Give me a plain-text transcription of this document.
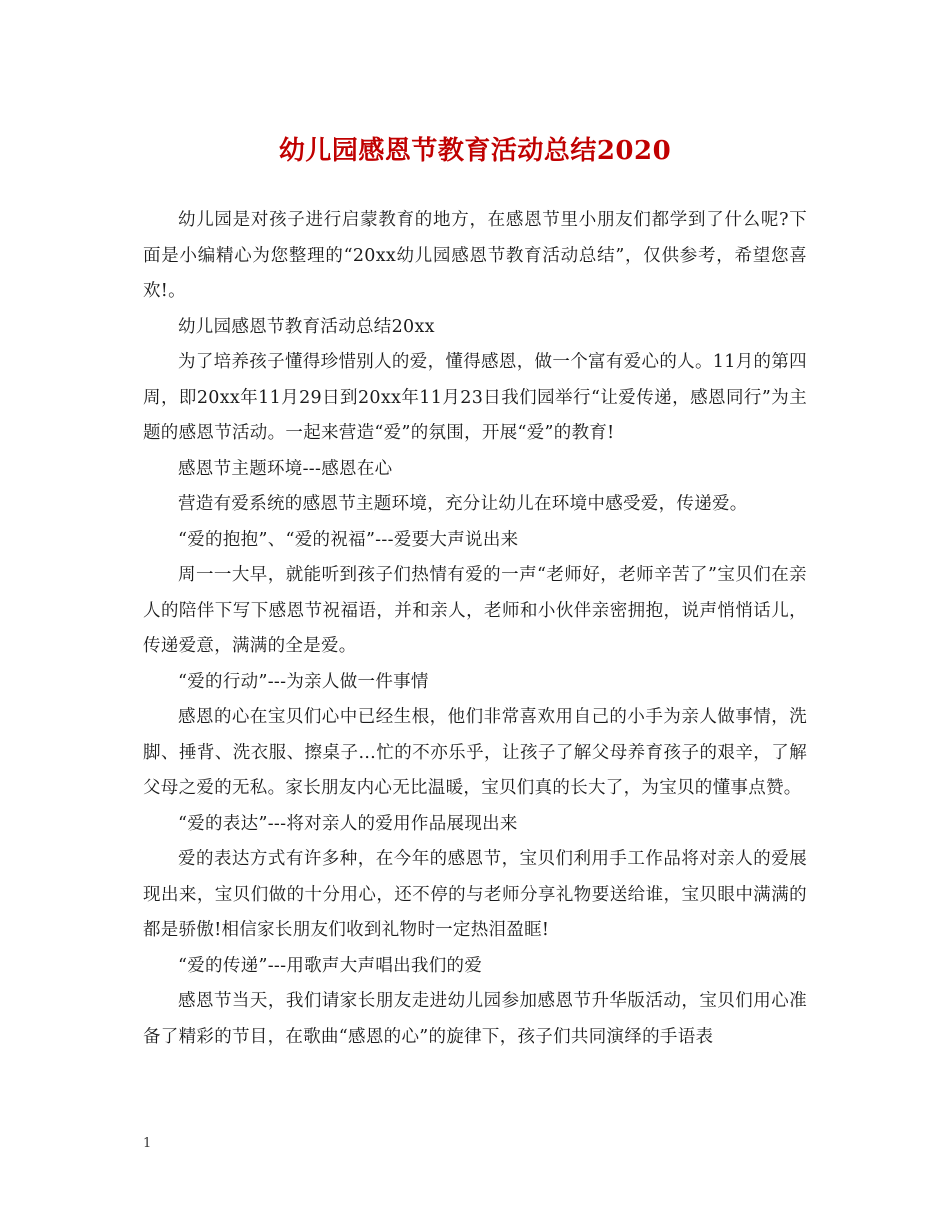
幼儿园感恩节教育活动总结2020

幼儿园是对孩子进行启蒙教育的地方，在感恩节里小朋友们都学到了什么呢?下面是小编精心为您整理的“20xx幼儿园感恩节教育活动总结”，仅供参考，希望您喜欢!。

幼儿园感恩节教育活动总结20xx

为了培养孩子懂得珍惜别人的爱，懂得感恩，做一个富有爱心的人。11月的第四周，即20xx年11月29日到20xx年11月23日我们园举行“让爱传递，感恩同行”为主题的感恩节活动。一起来营造“爱”的氛围，开展“爱”的教育!

感恩节主题环境---感恩在心

营造有爱系统的感恩节主题环境，充分让幼儿在环境中感受爱，传递爱。

“爱的抱抱”、“爱的祝福”---爱要大声说出来

周一一大早，就能听到孩子们热情有爱的一声“老师好，老师辛苦了”宝贝们在亲人的陪伴下写下感恩节祝福语，并和亲人，老师和小伙伴亲密拥抱，说声悄悄话儿，传递爱意，满满的全是爱。

“爱的行动”---为亲人做一件事情

感恩的心在宝贝们心中已经生根，他们非常喜欢用自己的小手为亲人做事情，洗脚、捶背、洗衣服、擦桌子…忙的不亦乐乎，让孩子了解父母养育孩子的艰辛，了解父母之爱的无私。家长朋友内心无比温暖，宝贝们真的长大了，为宝贝的懂事点赞。

“爱的表达”---将对亲人的爱用作品展现出来

爱的表达方式有许多种，在今年的感恩节，宝贝们利用手工作品将对亲人的爱展现出来，宝贝们做的十分用心，还不停的与老师分享礼物要送给谁，宝贝眼中满满的都是骄傲!相信家长朋友们收到礼物时一定热泪盈眶!

“爱的传递”---用歌声大声唱出我们的爱

感恩节当天，我们请家长朋友走进幼儿园参加感恩节升华版活动，宝贝们用心准备了精彩的节目，在歌曲“感恩的心”的旋律下，孩子们共同演绎的手语表

1
